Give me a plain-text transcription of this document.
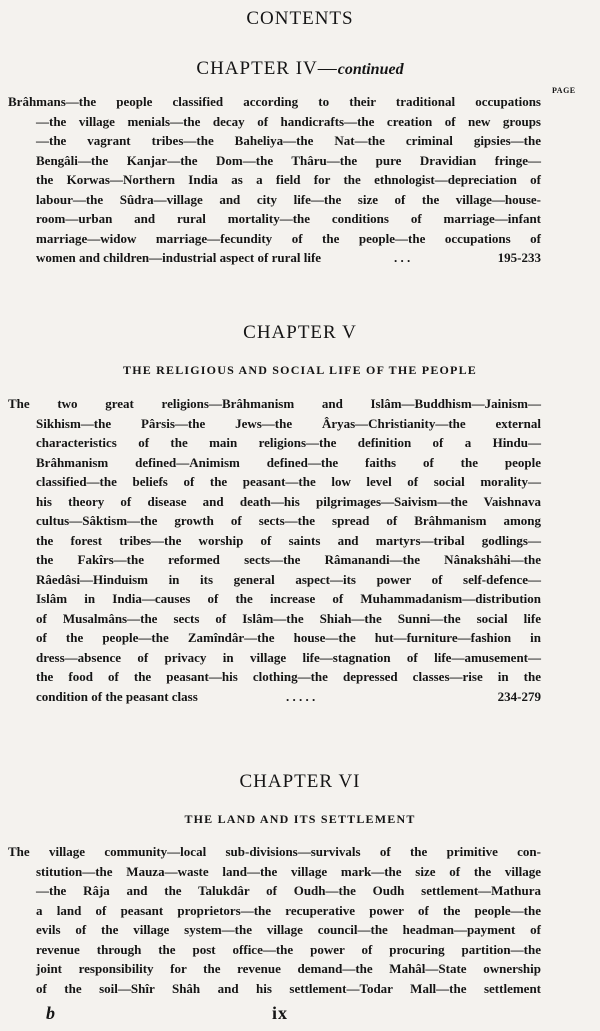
CONTENTS
CHAPTER IV—continued
PAGE
Brâhmans—the people classified according to their traditional occupations
—the village menials—the decay of handicrafts—the creation of new groups
—the vagrant tribes—the Baheliya—the Nat—the criminal gipsies—the
Bengâli—the Kanjar—the Dom—the Thâru—the pure Dravidian fringe—
the Korwas—Northern India as a field for the ethnologist—depreciation of
labour—the Sûdra—village and city life—the size of the village—house-
room—urban and rural mortality—the conditions of marriage—infant
marriage—widow marriage—fecundity of the people—the occupations of
women and children—industrial aspect of rural life	. . .	195-233
CHAPTER V
THE RELIGIOUS AND SOCIAL LIFE OF THE PEOPLE
The two great religions—Brâhmanism and Islâm—Buddhism—Jainism—
Sikhism—the Pârsis—the Jews—the Âryas—Christianity—the external
characteristics of the main religions—the definition of a Hindu—
Brâhmanism defined—Animism defined—the faiths of the people
classified—the beliefs of the peasant—the low level of social morality—
his theory of disease and death—his pilgrimages—Saivism—the Vaishnava
cultus—Sâktism—the growth of sects—the spread of Brâhmanism among
the forest tribes—the worship of saints and martyrs—tribal godlings—
the Fakîrs—the reformed sects—the Râmanandi—the Nânakshâhi—the
Râedâsi—Hinduism in its general aspect—its power of self-defence—
Islâm in India—causes of the increase of Muhammadanism—distribution
of Musalmâns—the sects of Islâm—the Shiah—the Sunni—the social life
of the people—the Zamîndâr—the house—the hut—furniture—fashion in
dress—absence of privacy in village life—stagnation of life—amusement—
the food of the peasant—his clothing—the depressed classes—rise in the
condition of the peasant class	. . . . .	234-279
CHAPTER VI
THE LAND AND ITS SETTLEMENT
The village community—local sub-divisions—survivals of the primitive con-
stitution—the Mauza—waste land—the village mark—the size of the village
—the Râja and the Talukdâr of Oudh—the Oudh settlement—Mathura
a land of peasant proprietors—the recuperative power of the people—the
evils of the village system—the village council—the headman—payment of
revenue through the post office—the power of procuring partition—the
joint responsibility for the revenue demand—the Mahâl—State ownership
of the soil—Shîr Shâh and his settlement—Todar Mall—the settlement
b	ix
